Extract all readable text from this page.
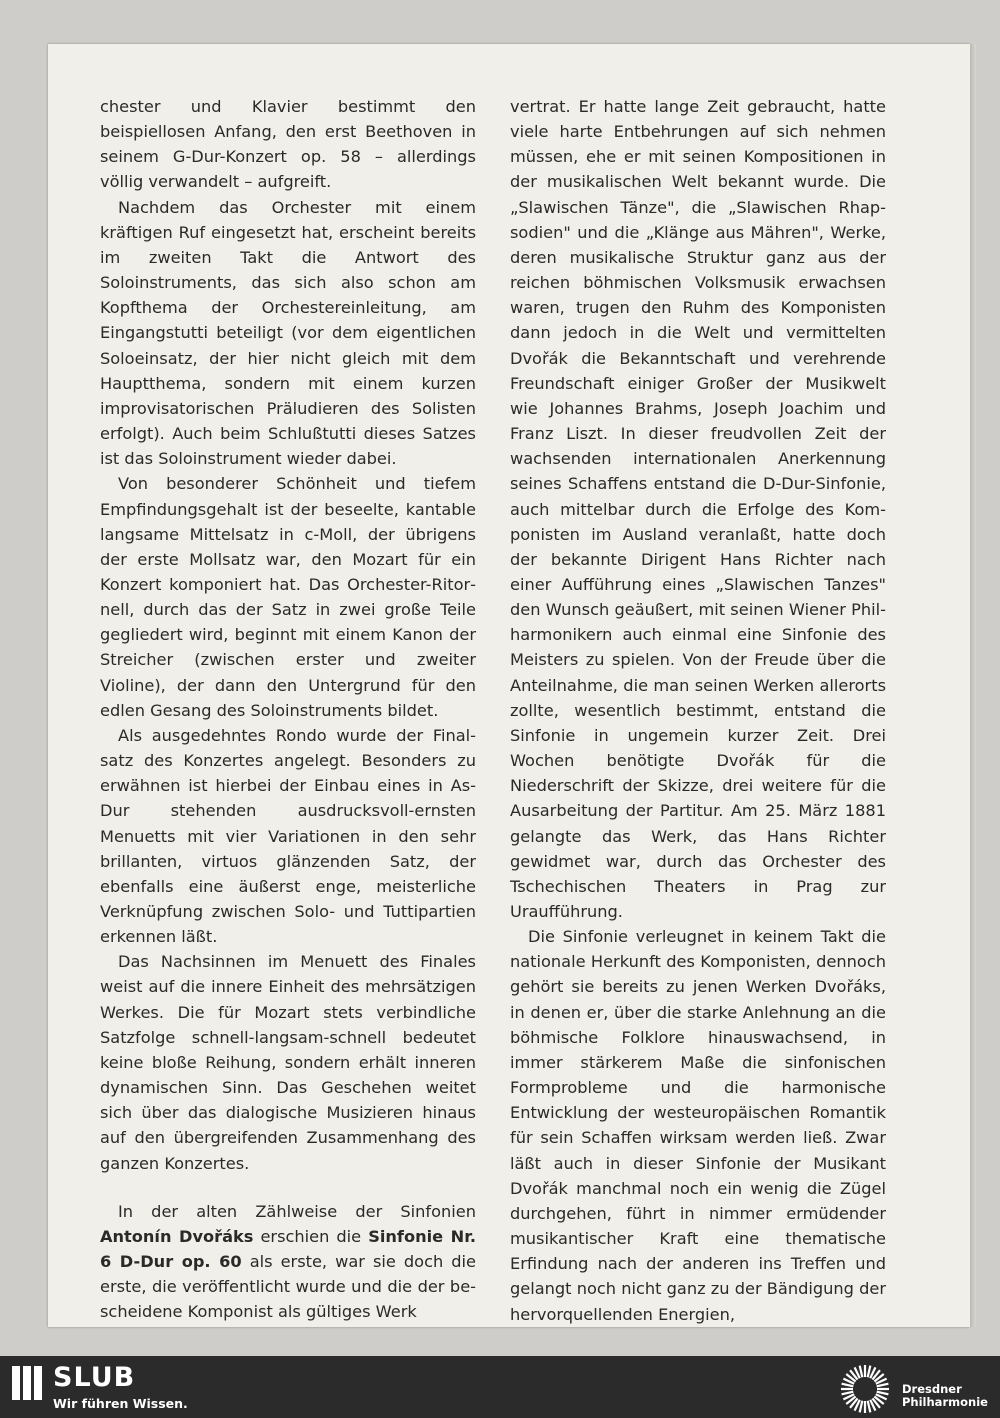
chester und Klavier bestimmt den beispiellosen Anfang, den erst Beethoven in seinem G-Dur-Konzert op. 58 – allerdings völlig verwandelt – aufgreift.

Nachdem das Orchester mit einem kräftigen Ruf eingesetzt hat, erscheint bereits im zweiten Takt die Antwort des Soloinstruments, das sich also schon am Kopfthema der Orchestereinleitung, am Eingangstutti beteiligt (vor dem eigentlichen Soloeinsatz, der hier nicht gleich mit dem Hauptthema, sondern mit einem kurzen improvisatorischen Präludieren des Solisten erfolgt). Auch beim Schlußtutti dieses Satzes ist das Soloinstrument wieder dabei.

Von besonderer Schönheit und tiefem Empfindungsgehalt ist der beseelte, kantable langsame Mittelsatz in c-Moll, der übrigens der erste Mollsatz war, den Mozart für ein Konzert komponiert hat. Das Orchester-Ritornell, durch das der Satz in zwei große Teile gegliedert wird, beginnt mit einem Kanon der Streicher (zwischen erster und zweiter Violine), der dann den Untergrund für den edlen Gesang des Soloinstruments bildet.

Als ausgedehntes Rondo wurde der Finalsatz des Konzertes angelegt. Besonders zu erwähnen ist hierbei der Einbau eines in As-Dur stehenden ausdrucksvoll-ernsten Menuetts mit vier Variationen in den sehr brillanten, virtuos glänzenden Satz, der ebenfalls eine äußerst enge, meisterliche Verknüpfung zwischen Solo- und Tuttipartien erkennen läßt.

Das Nachsinnen im Menuett des Finales weist auf die innere Einheit des mehrsätzigen Werkes. Die für Mozart stets verbindliche Satzfolge schnell-langsam-schnell bedeutet keine bloße Reihung, sondern erhält inneren dynamischen Sinn. Das Geschehen weitet sich über das dialogische Musizieren hinaus auf den übergreifenden Zusammenhang des ganzen Konzertes.

In der alten Zählweise der Sinfonien Antonín Dvořáks erschien die Sinfonie Nr. 6 D-Dur op. 60 als erste, war sie doch die erste, die veröffentlicht wurde und die der bescheidene Komponist als gültiges Werk

vertrat. Er hatte lange Zeit gebraucht, hatte viele harte Entbehrungen auf sich nehmen müssen, ehe er mit seinen Kompositionen in der musikalischen Welt bekannt wurde. Die „Slawischen Tänze", die „Slawischen Rhapsodien" und die „Klänge aus Mähren", Werke, deren musikalische Struktur ganz aus der reichen böhmischen Volksmusik erwachsen waren, trugen den Ruhm des Komponisten dann jedoch in die Welt und vermittelten Dvořák die Bekanntschaft und verehrende Freundschaft einiger Großer der Musikwelt wie Johannes Brahms, Joseph Joachim und Franz Liszt. In dieser freudvollen Zeit der wachsenden internationalen Anerkennung seines Schaffens entstand die D-Dur-Sinfonie, auch mittelbar durch die Erfolge des Komponisten im Ausland veranlaßt, hatte doch der bekannte Dirigent Hans Richter nach einer Aufführung eines „Slawischen Tanzes" den Wunsch geäußert, mit seinen Wiener Philharmonikern auch einmal eine Sinfonie des Meisters zu spielen. Von der Freude über die Anteilnahme, die man seinen Werken allerorts zollte, wesentlich bestimmt, entstand die Sinfonie in ungemein kurzer Zeit. Drei Wochen benötigte Dvořák für die Niederschrift der Skizze, drei weitere für die Ausarbeitung der Partitur. Am 25. März 1881 gelangte das Werk, das Hans Richter gewidmet war, durch das Orchester des Tschechischen Theaters in Prag zur Uraufführung.

Die Sinfonie verleugnet in keinem Takt die nationale Herkunft des Komponisten, dennoch gehört sie bereits zu jenen Werken Dvořáks, in denen er, über die starke Anlehnung an die böhmische Folklore hinauswachsend, in immer stärkerem Maße die sinfonischen Formprobleme und die harmonische Entwicklung der westeuropäischen Romantik für sein Schaffen wirksam werden ließ. Zwar läßt auch in dieser Sinfonie der Musikant Dvořák manchmal noch ein wenig die Zügel durchgehen, führt in nimmer ermüdender musikantischer Kraft eine thematische Erfindung nach der anderen ins Treffen und gelangt noch nicht ganz zu der Bändigung der hervorquellenden Energien,

SLUB
Wir führen Wissen.
Dresdner
Philharmonie
